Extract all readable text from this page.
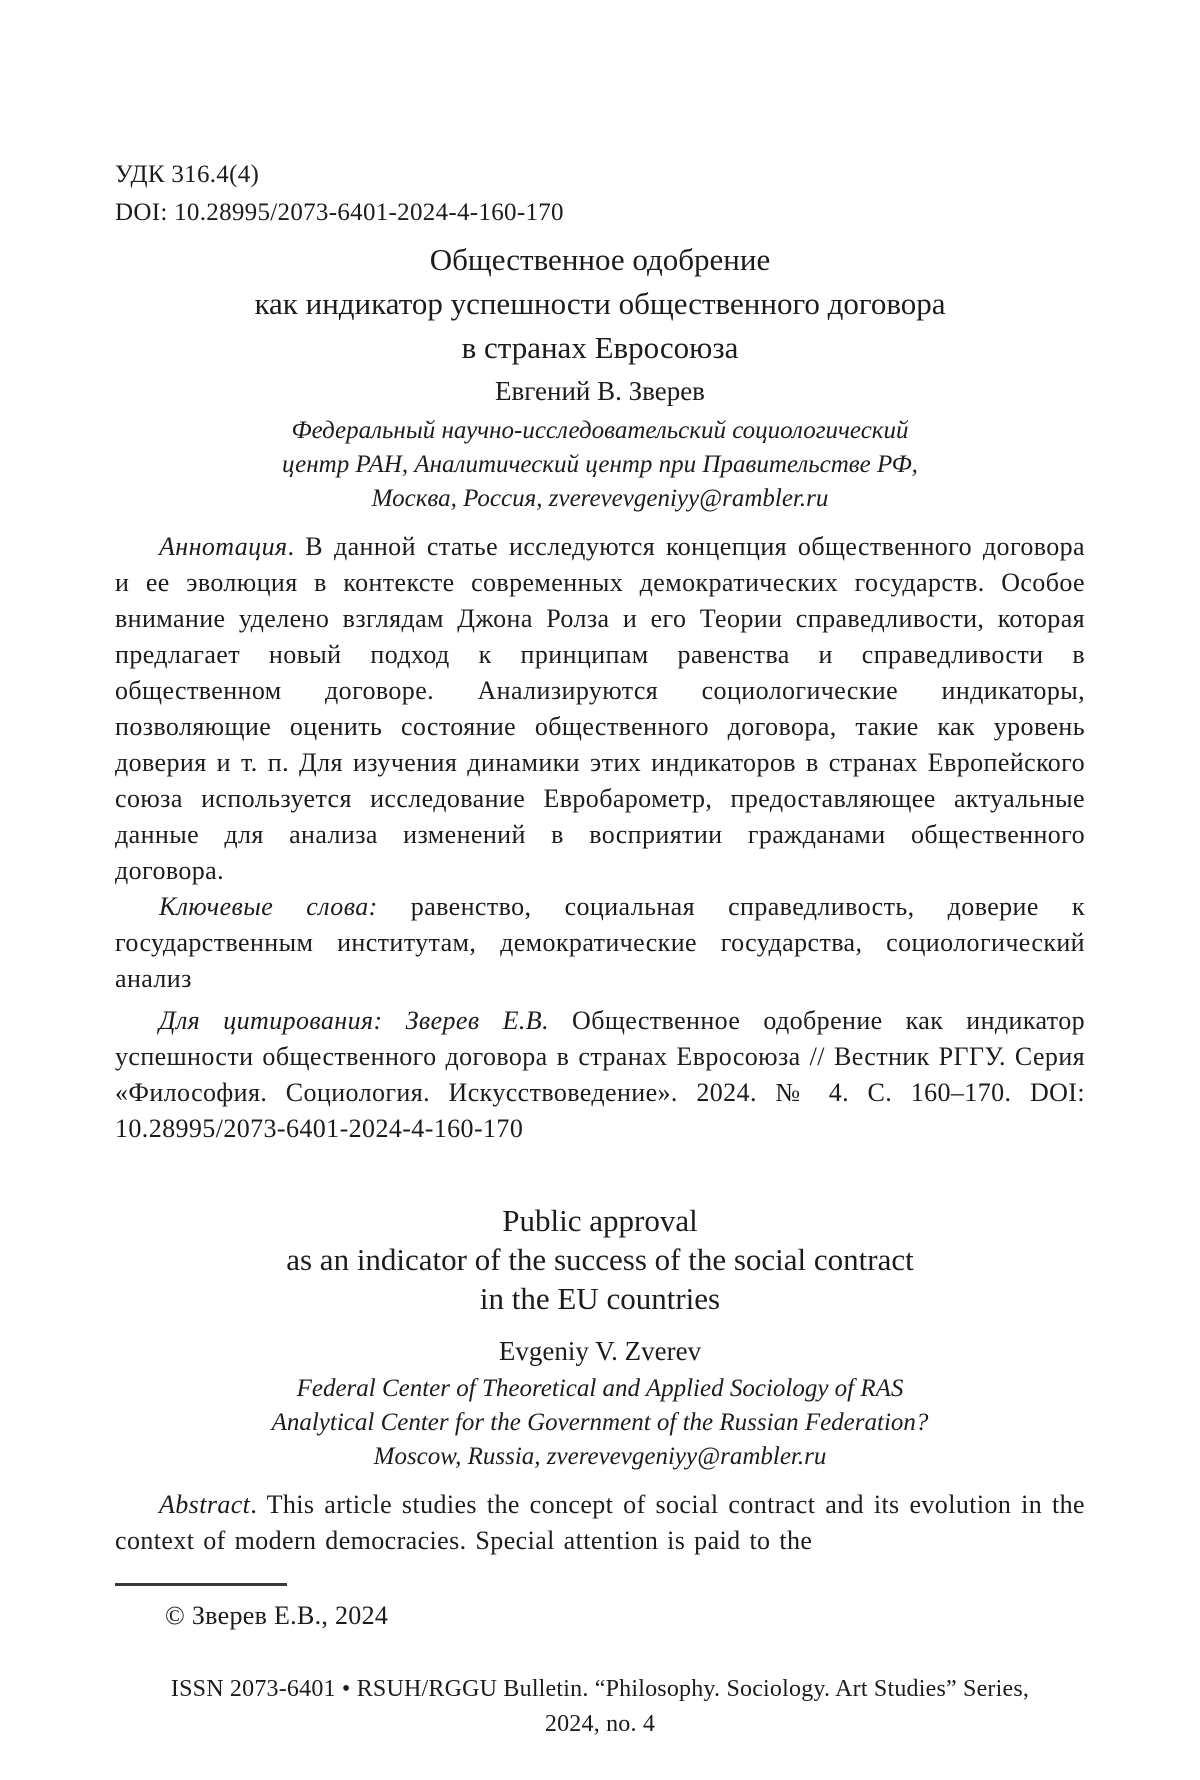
УДК 316.4(4)
DOI: 10.28995/2073-6401-2024-4-160-170
Общественное одобрение
как индикатор успешности общественного договора
в странах Евросоюза
Евгений В. Зверев
Федеральный научно-исследовательский социологический
центр РАН, Аналитический центр при Правительстве РФ,
Москва, Россия, zverevevgeniyy@rambler.ru

Аннотация. В данной статье исследуются концепция общественного договора и ее эволюция в контексте современных демократических государств. Особое внимание уделено взглядам Джона Ролза и его Теории справедливости, которая предлагает новый подход к принципам равенства и справедливости в общественном договоре. Анализируются социологические индикаторы, позволяющие оценить состояние общественного договора, такие как уровень доверия и т. п. Для изучения динамики этих индикаторов в странах Европейского союза используется исследование Евробарометр, предоставляющее актуальные данные для анализа изменений в восприятии гражданами общественного договора.

Ключевые слова: равенство, социальная справедливость, доверие к государственным институтам, демократические государства, социологический анализ

Для цитирования: Зверев Е.В. Общественное одобрение как индикатор успешности общественного договора в странах Евросоюза // Вестник РГГУ. Серия «Философия. Социология. Искусствоведение». 2024. № 4. С. 160–170. DOI: 10.28995/2073-6401-2024-4-160-170

Public approval
as an indicator of the success of the social contract
in the EU countries
Evgeniy V. Zverev
Federal Center of Theoretical and Applied Sociology of RAS
Analytical Center for the Government of the Russian Federation?
Moscow, Russia, zverevevgeniyy@rambler.ru

Abstract. This article studies the concept of social contract and its evolution in the context of modern democracies. Special attention is paid to the

© Зверев Е.В., 2024
ISSN 2073-6401 • RSUH/RGGU Bulletin. “Philosophy. Sociology. Art Studies” Series,
2024, no. 4
